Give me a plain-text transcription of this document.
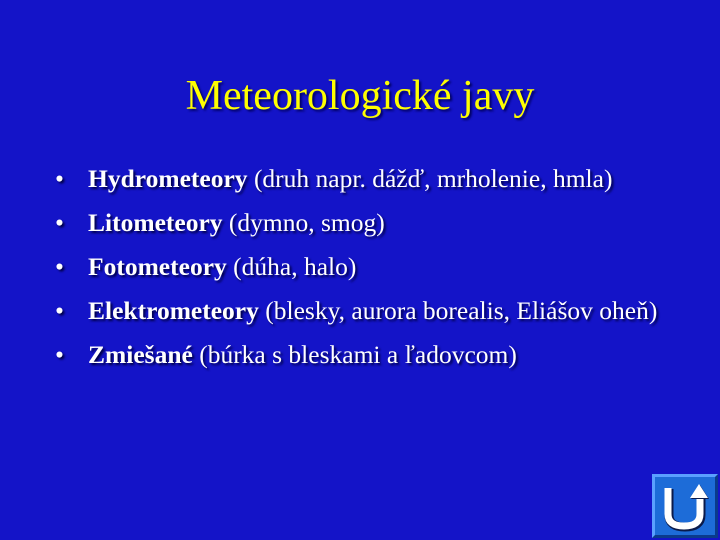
Meteorologické javy
• Hydrometeory (druh napr. dážď, mrholenie, hmla)
• Litometeory (dymno, smog)
• Fotometeory (dúha, halo)
• Elektrometeory (blesky, aurora borealis, Eliášov oheň)
• Zmiešané (búrka s bleskami a ľadovcom)
